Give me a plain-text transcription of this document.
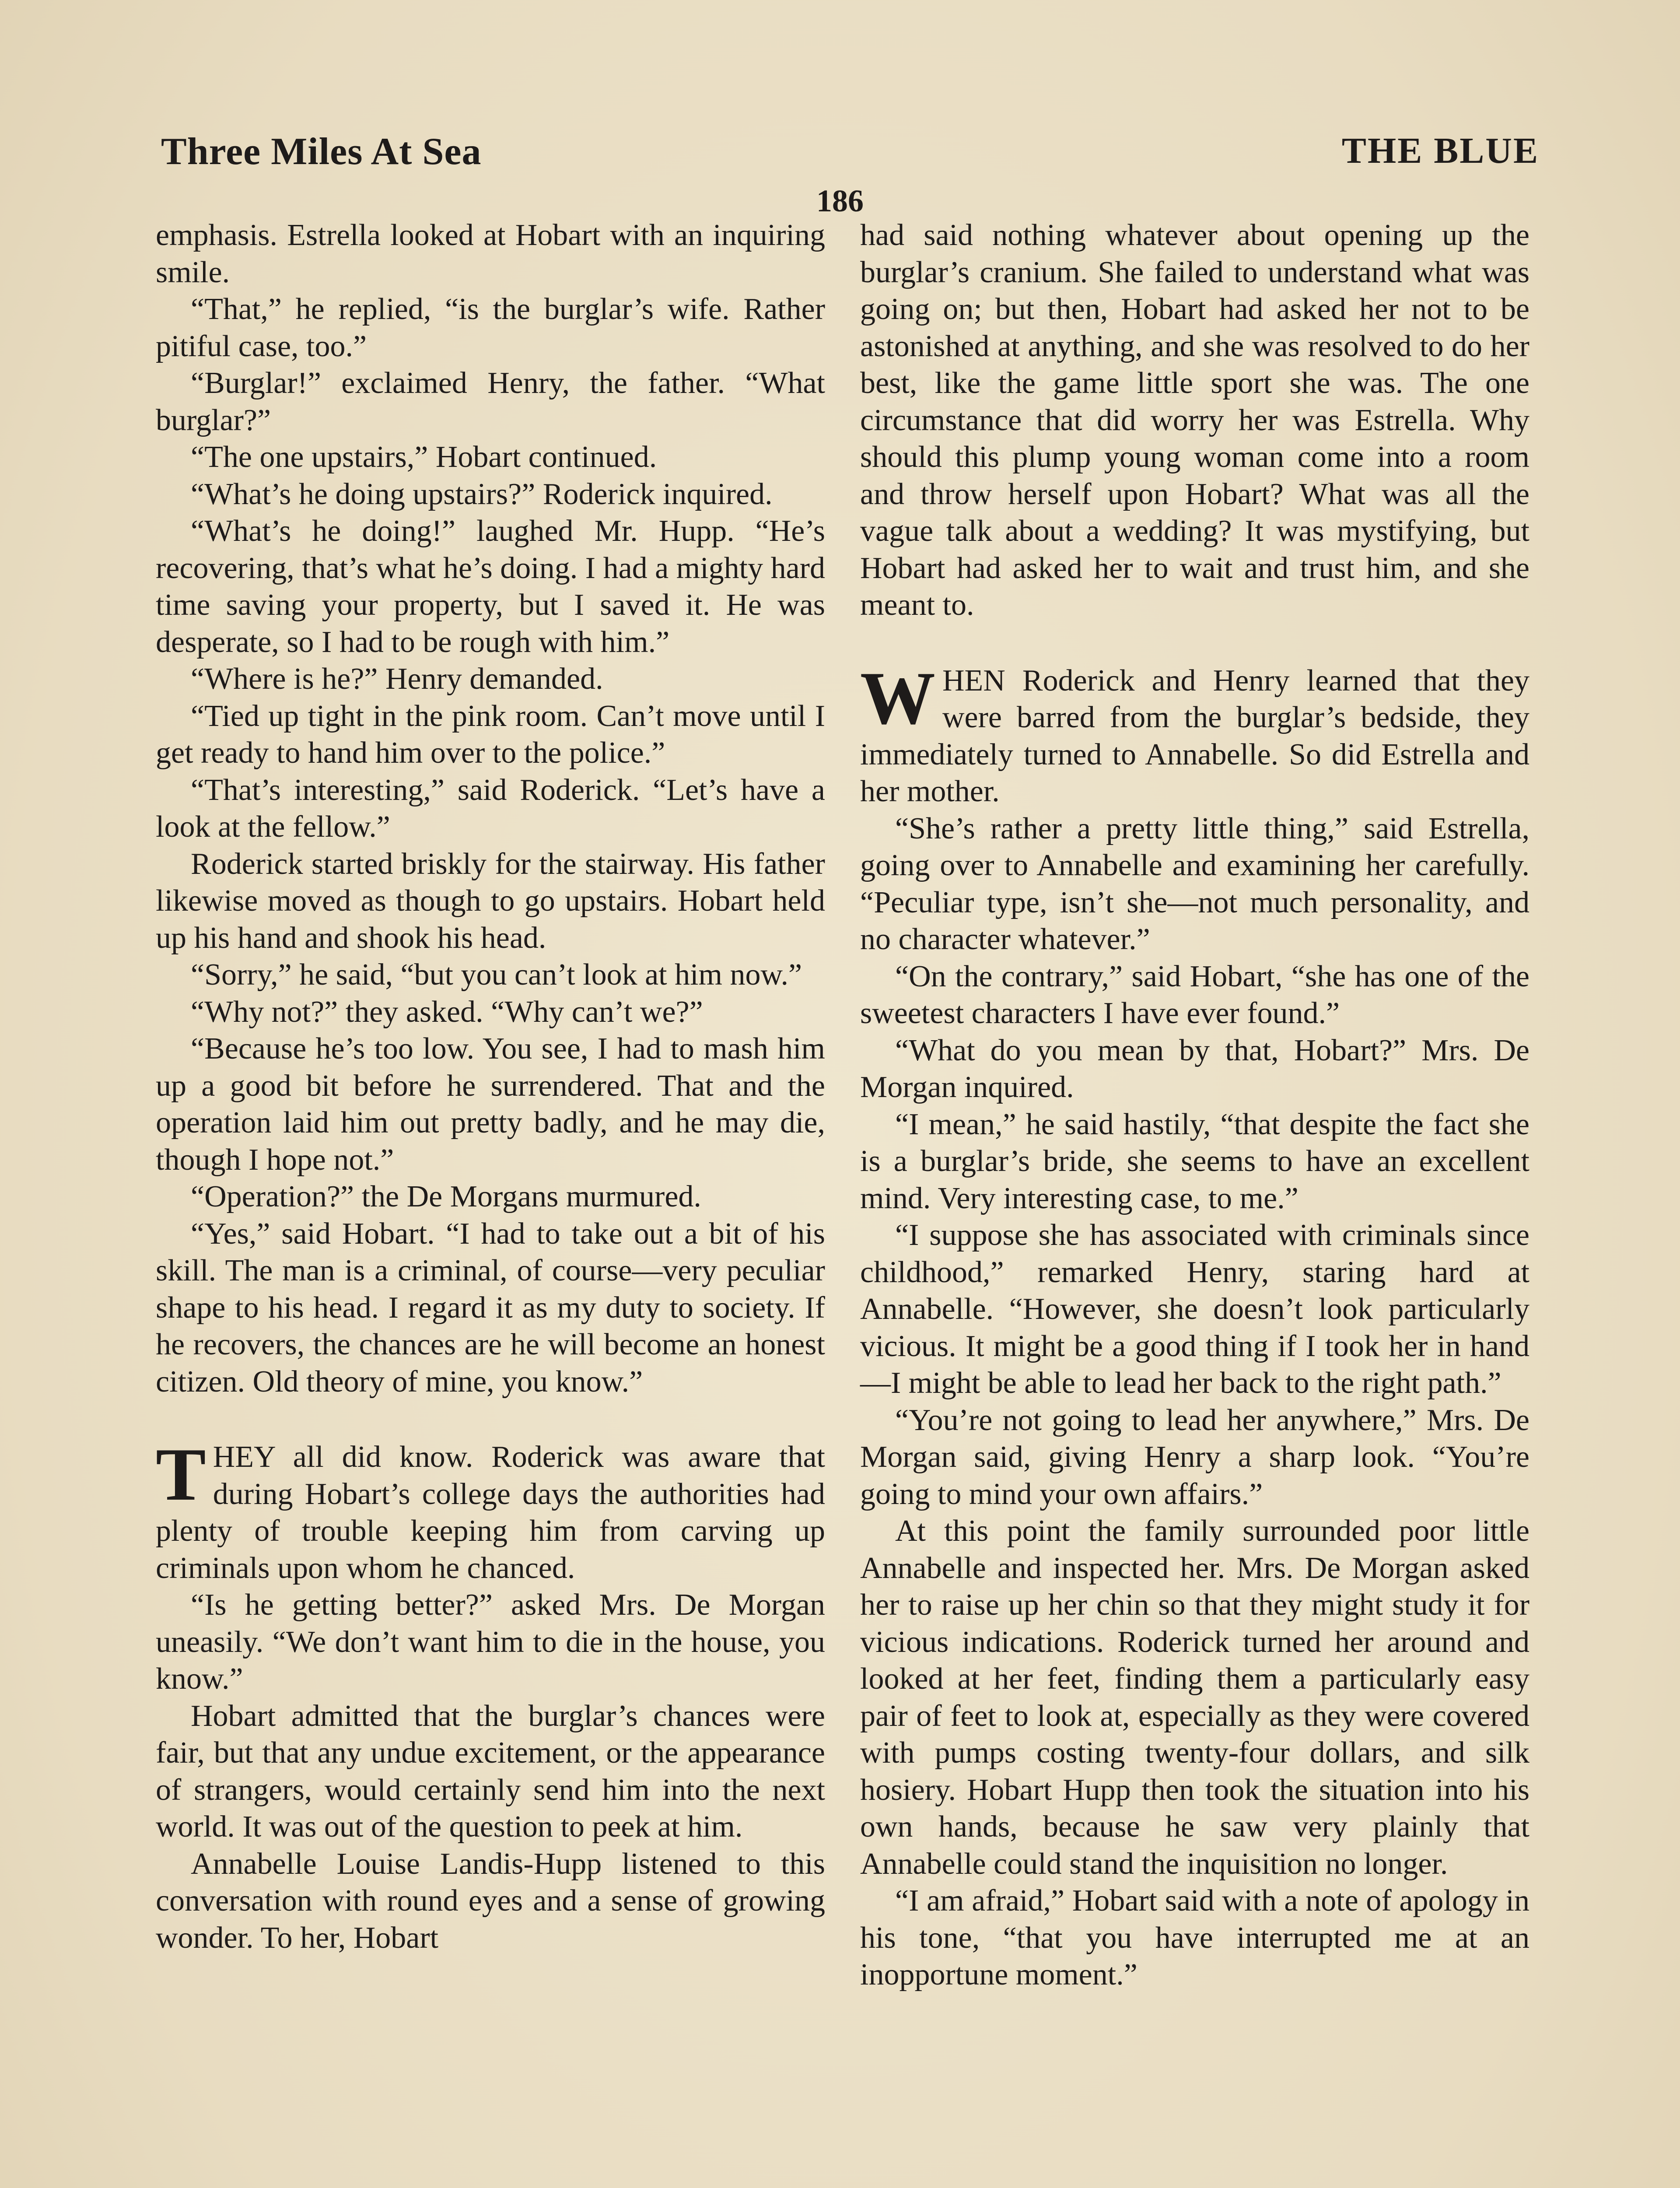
Three Miles At Sea	THE BLUE
186

emphasis. Estrella looked at Hobart with an inquiring smile.

“That,” he replied, “is the burglar’s wife. Rather pitiful case, too.”

“Burglar!” exclaimed Henry, the father. “What burglar?”

“The one upstairs,” Hobart continued.

“What’s he doing upstairs?” Roderick inquired.

“What’s he doing!” laughed Mr. Hupp. “He’s recovering, that’s what he’s doing. I had a mighty hard time saving your property, but I saved it. He was desperate, so I had to be rough with him.”

“Where is he?” Henry demanded.

“Tied up tight in the pink room. Can’t move until I get ready to hand him over to the police.”

“That’s interesting,” said Roderick. “Let’s have a look at the fellow.”

Roderick started briskly for the stairway. His father likewise moved as though to go upstairs. Hobart held up his hand and shook his head.

“Sorry,” he said, “but you can’t look at him now.”

“Why not?” they asked. “Why can’t we?”

“Because he’s too low. You see, I had to mash him up a good bit before he surrendered. That and the operation laid him out pretty badly, and he may die, though I hope not.”

“Operation?” the De Morgans murmured.

“Yes,” said Hobart. “I had to take out a bit of his skill. The man is a criminal, of course—very peculiar shape to his head. I regard it as my duty to society. If he recovers, the chances are he will become an honest citizen. Old theory of mine, you know.”

THEY all did know. Roderick was aware that during Hobart’s college days the authorities had plenty of trouble keeping him from carving up criminals upon whom he chanced.

“Is he getting better?” asked Mrs. De Morgan uneasily. “We don’t want him to die in the house, you know.”

Hobart admitted that the burglar’s chances were fair, but that any undue excitement, or the appearance of strangers, would certainly send him into the next world. It was out of the question to peek at him.

Annabelle Louise Landis-Hupp listened to this conversation with round eyes and a sense of growing wonder. To her, Hobart

had said nothing whatever about opening up the burglar’s cranium. She failed to understand what was going on; but then, Hobart had asked her not to be astonished at anything, and she was resolved to do her best, like the game little sport she was. The one circumstance that did worry her was Estrella. Why should this plump young woman come into a room and throw herself upon Hobart? What was all the vague talk about a wedding? It was mystifying, but Hobart had asked her to wait and trust him, and she meant to.

WHEN Roderick and Henry learned that they were barred from the burglar’s bedside, they immediately turned to Annabelle. So did Estrella and her mother.

“She’s rather a pretty little thing,” said Estrella, going over to Annabelle and examining her carefully. “Peculiar type, isn’t she—not much personality, and no character whatever.”

“On the contrary,” said Hobart, “she has one of the sweetest characters I have ever found.”

“What do you mean by that, Hobart?” Mrs. De Morgan inquired.

“I mean,” he said hastily, “that despite the fact she is a burglar’s bride, she seems to have an excellent mind. Very interesting case, to me.”

“I suppose she has associated with criminals since childhood,” remarked Henry, staring hard at Annabelle. “However, she doesn’t look particularly vicious. It might be a good thing if I took her in hand—I might be able to lead her back to the right path.”

“You’re not going to lead her anywhere,” Mrs. De Morgan said, giving Henry a sharp look. “You’re going to mind your own affairs.”

At this point the family surrounded poor little Annabelle and inspected her. Mrs. De Morgan asked her to raise up her chin so that they might study it for vicious indications. Roderick turned her around and looked at her feet, finding them a particularly easy pair of feet to look at, especially as they were covered with pumps costing twenty-four dollars, and silk hosiery. Hobart Hupp then took the situation into his own hands, because he saw very plainly that Annabelle could stand the inquisition no longer.

“I am afraid,” Hobart said with a note of apology in his tone, “that you have interrupted me at an inopportune moment.”
